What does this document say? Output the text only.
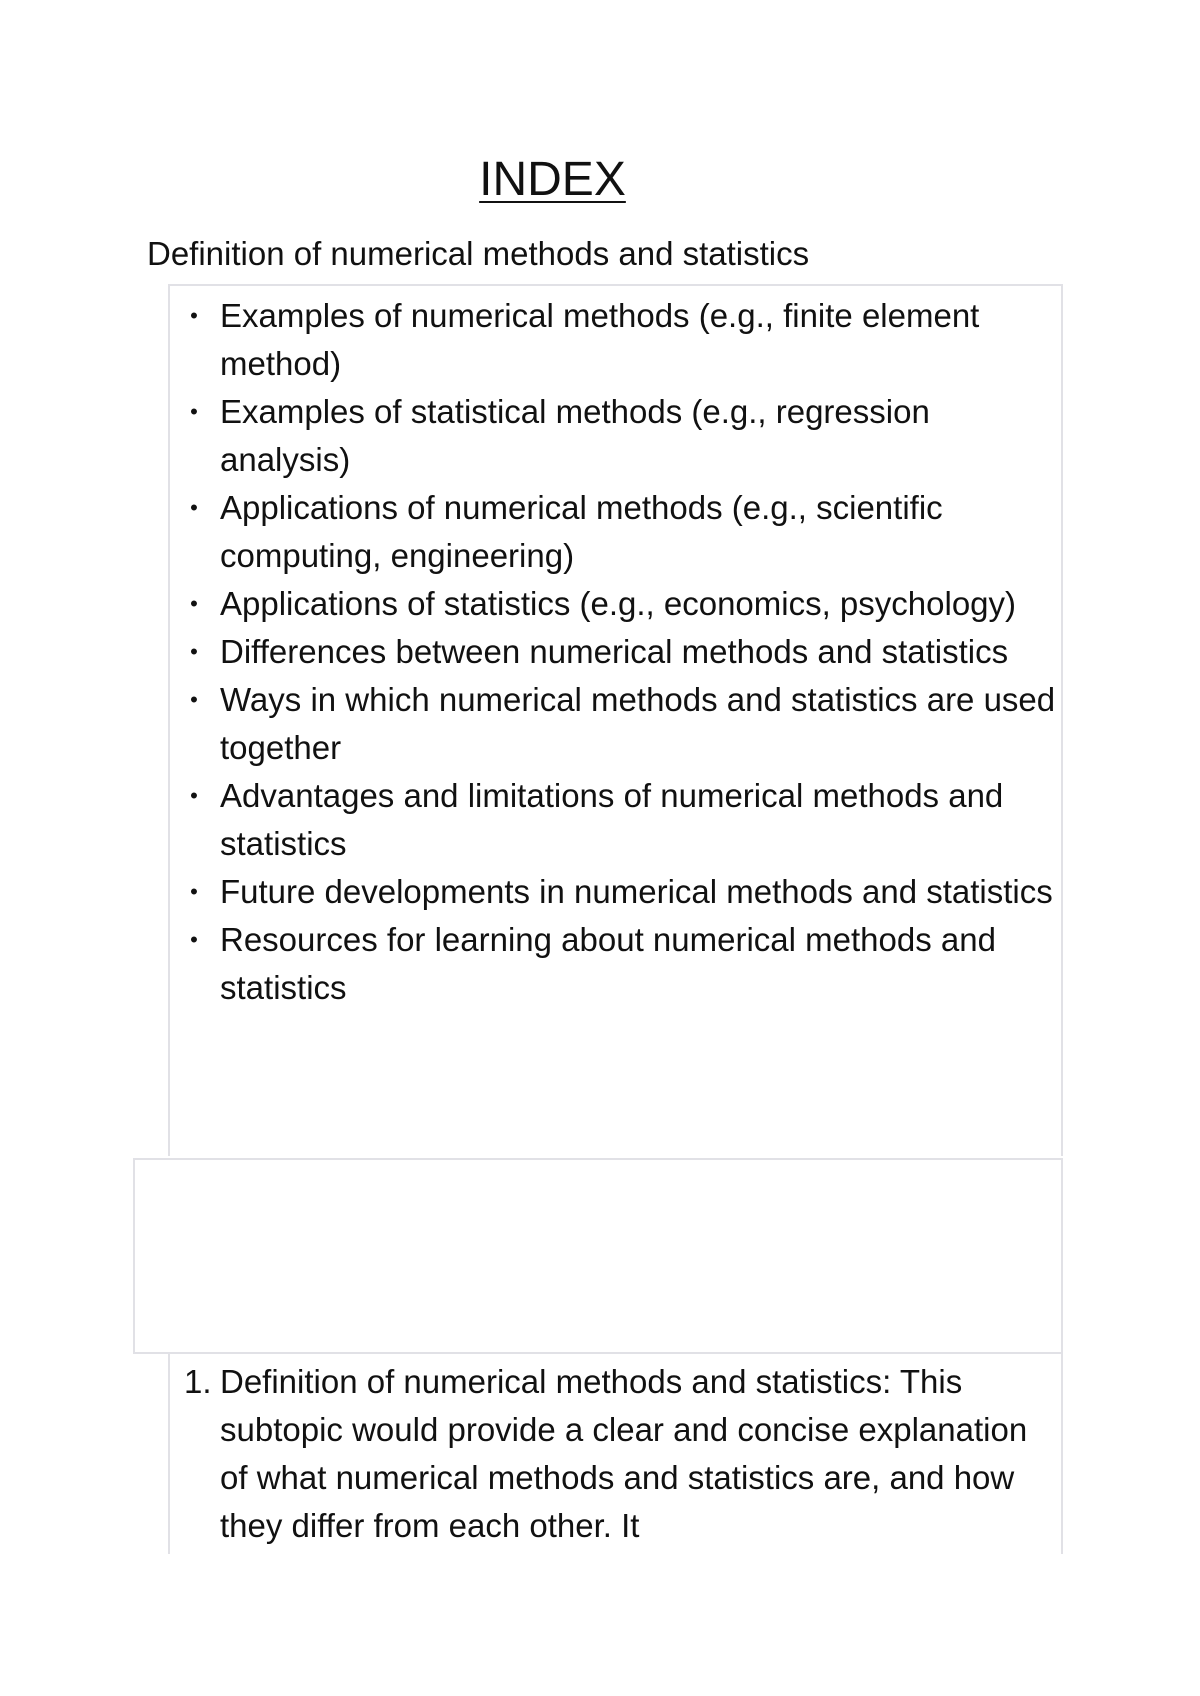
INDEX
Definition of numerical methods and statistics
• Examples of numerical methods (e.g., finite element method)
• Examples of statistical methods (e.g., regression analysis)
• Applications of numerical methods (e.g., scientific computing, engineering)
• Applications of statistics (e.g., economics, psychology)
• Differences between numerical methods and statistics
• Ways in which numerical methods and statistics are used together
• Advantages and limitations of numerical methods and statistics
• Future developments in numerical methods and statistics
• Resources for learning about numerical methods and statistics

1. Definition of numerical methods and statistics: This subtopic would provide a clear and concise explanation of what numerical methods and statistics are, and how they differ from each other. It
